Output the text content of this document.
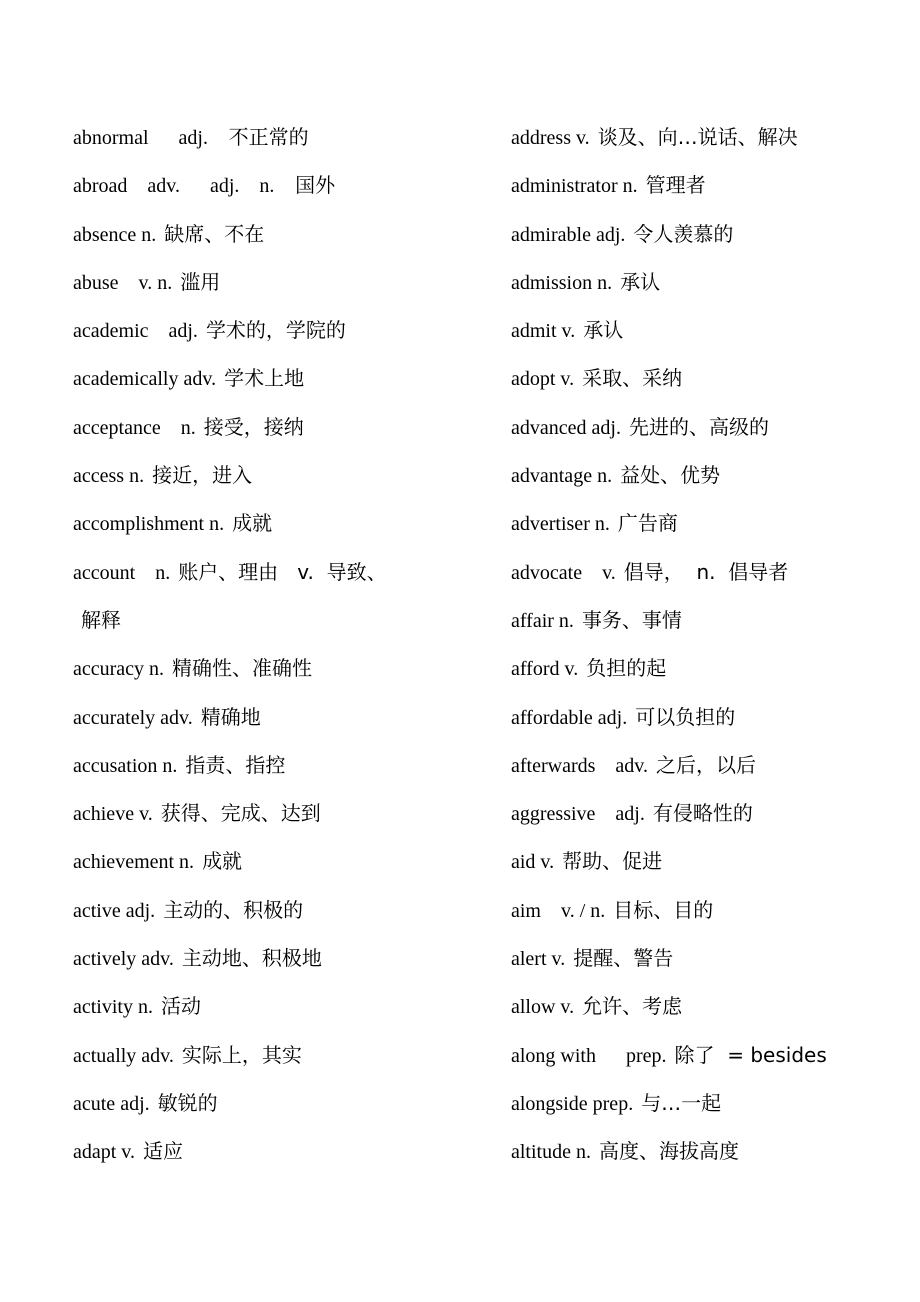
abnormal      adj.  不正常的
abroad    adv.      adj.    n.  国外
absence n. 缺席、不在
abuse    v. n. 滥用
academic    adj. 学术的，学院的
academically adv. 学术上地
acceptance    n. 接受，接纳
access n. 接近，进入
accomplishment n. 成就
account    n. 账户、理由   v.  导致、
解释
accuracy n. 精确性、准确性
accurately adv. 精确地
accusation n. 指责、指控
achieve v. 获得、完成、达到
achievement n. 成就
active adj. 主动的、积极的
actively adv. 主动地、积极地
activity n. 活动
actually adv. 实际上，其实
acute adj. 敏锐的
adapt v. 适应
address v. 谈及、向…说话、解决
administrator n. 管理者
admirable adj. 令人羡慕的
admission n. 承认
admit v. 承认
adopt v. 采取、采纳
advanced adj. 先进的、高级的
advantage n. 益处、优势
advertiser n. 广告商
advocate    v. 倡导，  n.  倡导者
affair n. 事务、事情
afford v. 负担的起
affordable adj. 可以负担的
afterwards    adv. 之后，以后
aggressive    adj. 有侵略性的
aid v. 帮助、促进
aim    v. / n. 目标、目的
alert v. 提醒、警告
allow v. 允许、考虑
along with      prep. 除了  = besides
alongside prep. 与…一起
altitude n. 高度、海拔高度
